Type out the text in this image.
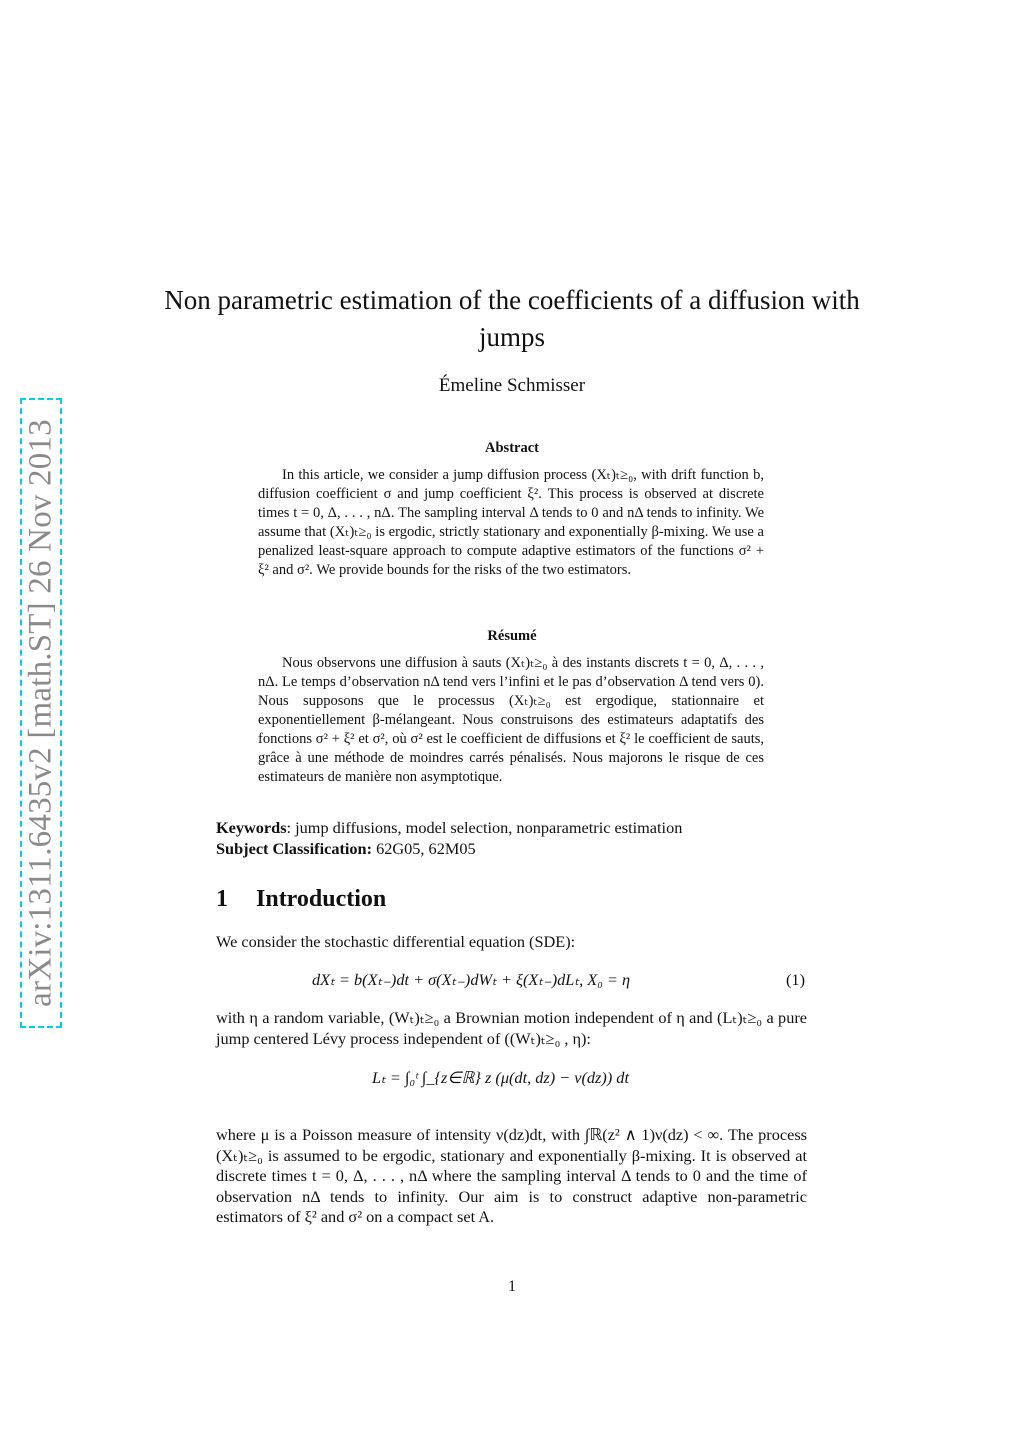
arXiv:1311.6435v2 [math.ST] 26 Nov 2013
Non parametric estimation of the coefficients of a diffusion with jumps
Émeline Schmisser
Abstract
In this article, we consider a jump diffusion process (Xₜ)ₜ≥₀, with drift function b, diffusion coefficient σ and jump coefficient ξ². This process is observed at discrete times t = 0, Δ, . . . , nΔ. The sampling interval Δ tends to 0 and nΔ tends to infinity. We assume that (Xₜ)ₜ≥₀ is ergodic, strictly stationary and exponentially β-mixing. We use a penalized least-square approach to compute adaptive estimators of the functions σ² + ξ² and σ². We provide bounds for the risks of the two estimators.
Résumé
Nous observons une diffusion à sauts (Xₜ)ₜ≥₀ à des instants discrets t = 0, Δ, . . . , nΔ. Le temps d’observation nΔ tend vers l’infini et le pas d’observation Δ tend vers 0). Nous supposons que le processus (Xₜ)ₜ≥₀ est ergodique, stationnaire et exponentiellement β-mélangeant. Nous construisons des estimateurs adaptatifs des fonctions σ² + ξ² et σ², où σ² est le coefficient de diffusions et ξ² le coefficient de sauts, grâce à une méthode de moindres carrés pénalisés. Nous majorons le risque de ces estimateurs de manière non asymptotique.
Keywords: jump diffusions, model selection, nonparametric estimation
Subject Classification: 62G05, 62M05
1 Introduction
We consider the stochastic differential equation (SDE):
dXₜ = b(Xₜ₋)dt + σ(Xₜ₋)dWₜ + ξ(Xₜ₋)dLₜ, X₀ = η	(1)
with η a random variable, (Wₜ)ₜ≥₀ a Brownian motion independent of η and (Lₜ)ₜ≥₀ a pure jump centered Lévy process independent of ((Wₜ)ₜ≥₀ , η):
Lₜ = ∫₀ᵗ ∫_{z∈ℝ} z (μ(dt, dz) − ν(dz)) dt
where μ is a Poisson measure of intensity ν(dz)dt, with ∫ℝ(z² ∧ 1)ν(dz) < ∞. The process (Xₜ)ₜ≥₀ is assumed to be ergodic, stationary and exponentially β-mixing. It is observed at discrete times t = 0, Δ, . . . , nΔ where the sampling interval Δ tends to 0 and the time of observation nΔ tends to infinity. Our aim is to construct adaptive non-parametric estimators of ξ² and σ² on a compact set A.
1
